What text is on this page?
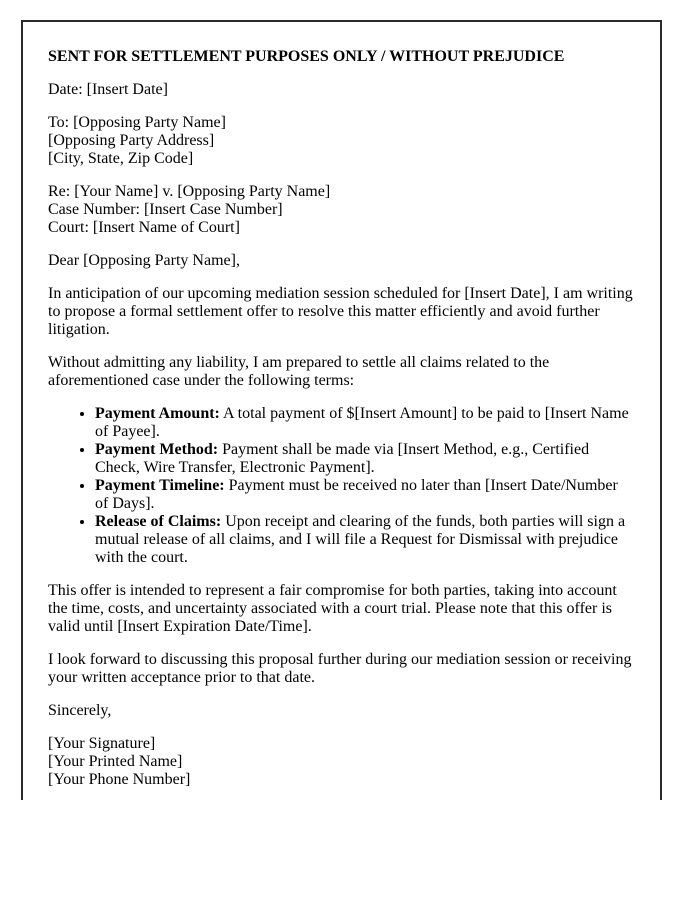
SENT FOR SETTLEMENT PURPOSES ONLY / WITHOUT PREJUDICE
Date: [Insert Date]
To: [Opposing Party Name]
[Opposing Party Address]
[City, State, Zip Code]
Re: [Your Name] v. [Opposing Party Name]
Case Number: [Insert Case Number]
Court: [Insert Name of Court]
Dear [Opposing Party Name],
In anticipation of our upcoming mediation session scheduled for [Insert Date], I am writing to propose a formal settlement offer to resolve this matter efficiently and avoid further litigation.
Without admitting any liability, I am prepared to settle all claims related to the aforementioned case under the following terms:
• Payment Amount: A total payment of $[Insert Amount] to be paid to [Insert Name of Payee].
• Payment Method: Payment shall be made via [Insert Method, e.g., Certified Check, Wire Transfer, Electronic Payment].
• Payment Timeline: Payment must be received no later than [Insert Date/Number of Days].
• Release of Claims: Upon receipt and clearing of the funds, both parties will sign a mutual release of all claims, and I will file a Request for Dismissal with prejudice with the court.
This offer is intended to represent a fair compromise for both parties, taking into account the time, costs, and uncertainty associated with a court trial. Please note that this offer is valid until [Insert Expiration Date/Time].
I look forward to discussing this proposal further during our mediation session or receiving your written acceptance prior to that date.
Sincerely,
[Your Signature]
[Your Printed Name]
[Your Phone Number]
